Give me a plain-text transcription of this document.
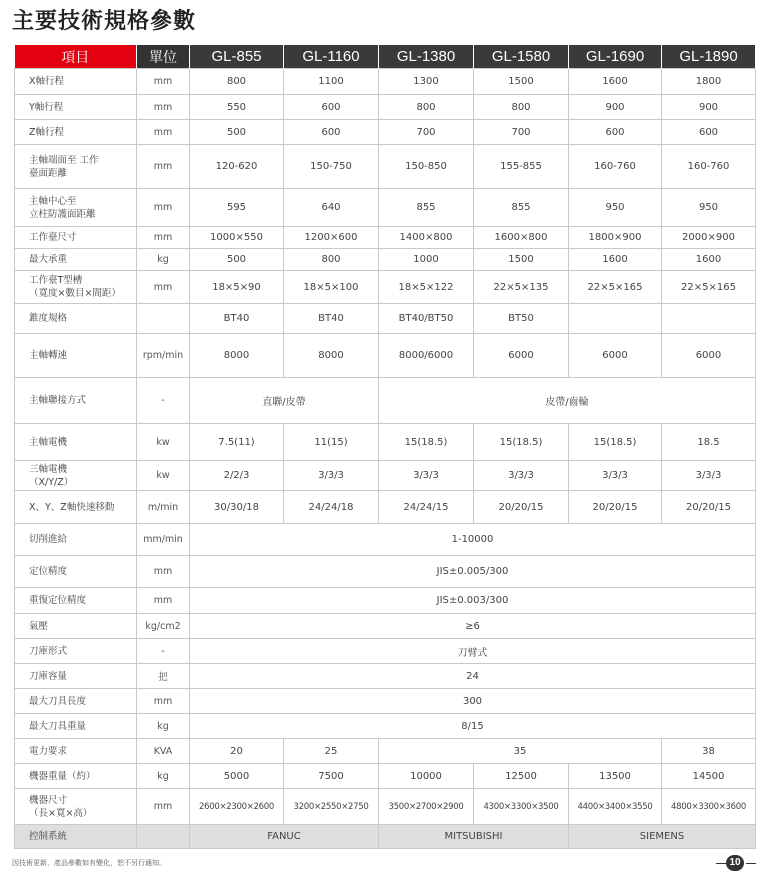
主要技術規格參數
項目	單位	GL-855	GL-1160	GL-1380	GL-1580	GL-1690	GL-1890
X軸行程	mm	800	1100	1300	1500	1600	1800
Y軸行程	mm	550	600	800	800	900	900
Z軸行程	mm	500	600	700	700	600	600
主軸端面至 工作
臺面距離	mm	120-620	150-750	150-850	155-855	160-760	160-760
主軸中心至
立柱防護面距離	mm	595	640	855	855	950	950
工作臺尺寸	mm	1000×550	1200×600	1400×800	1600×800	1800×900	2000×900
最大承重	kg	500	800	1000	1500	1600	1600
工作臺T型槽
（寬度×數目×間距）	mm	18×5×90	18×5×100	18×5×122	22×5×135	22×5×165	22×5×165
錐度規格		BT40	BT40	BT40/BT50	BT50		
主軸轉速	rpm/min	8000	8000	8000/6000	6000	6000	6000
主軸聯接方式	-	直聯/皮帶		皮帶/齒輪			
主軸電機	kw	7.5(11)	11(15)	15(18.5)	15(18.5)	15(18.5)	18.5
三軸電機
（X/Y/Z）	kw	2/2/3	3/3/3	3/3/3	3/3/3	3/3/3	3/3/3
X、Y、Z軸快速移動	m/min	30/30/18	24/24/18	24/24/15	20/20/15	20/20/15	20/20/15
切削進給	mm/min	1-10000					
定位精度	mm	JIS±0.005/300					
重復定位精度	mm	JIS±0.003/300					
氣壓	kg/cm2	≥6					
刀庫形式	-	刀臂式					
刀庫容量	把	24					
最大刀具長度	mm	300					
最大刀具重量	kg	8/15					
電力要求	KVA	20	25	35			38
機器重量（約）	kg	5000	7500	10000	12500	13500	14500
機器尺寸
（長×寬×高）	mm	2600×2300×2600	3200×2550×2750	3500×2700×2900	4300×3300×3500	4400×3400×3550	4800×3300×3600
控制系統		FANUC		MITSUBISHI		SIEMENS	
因技術更新，產品參數如有變化，恕不另行通知。	10
